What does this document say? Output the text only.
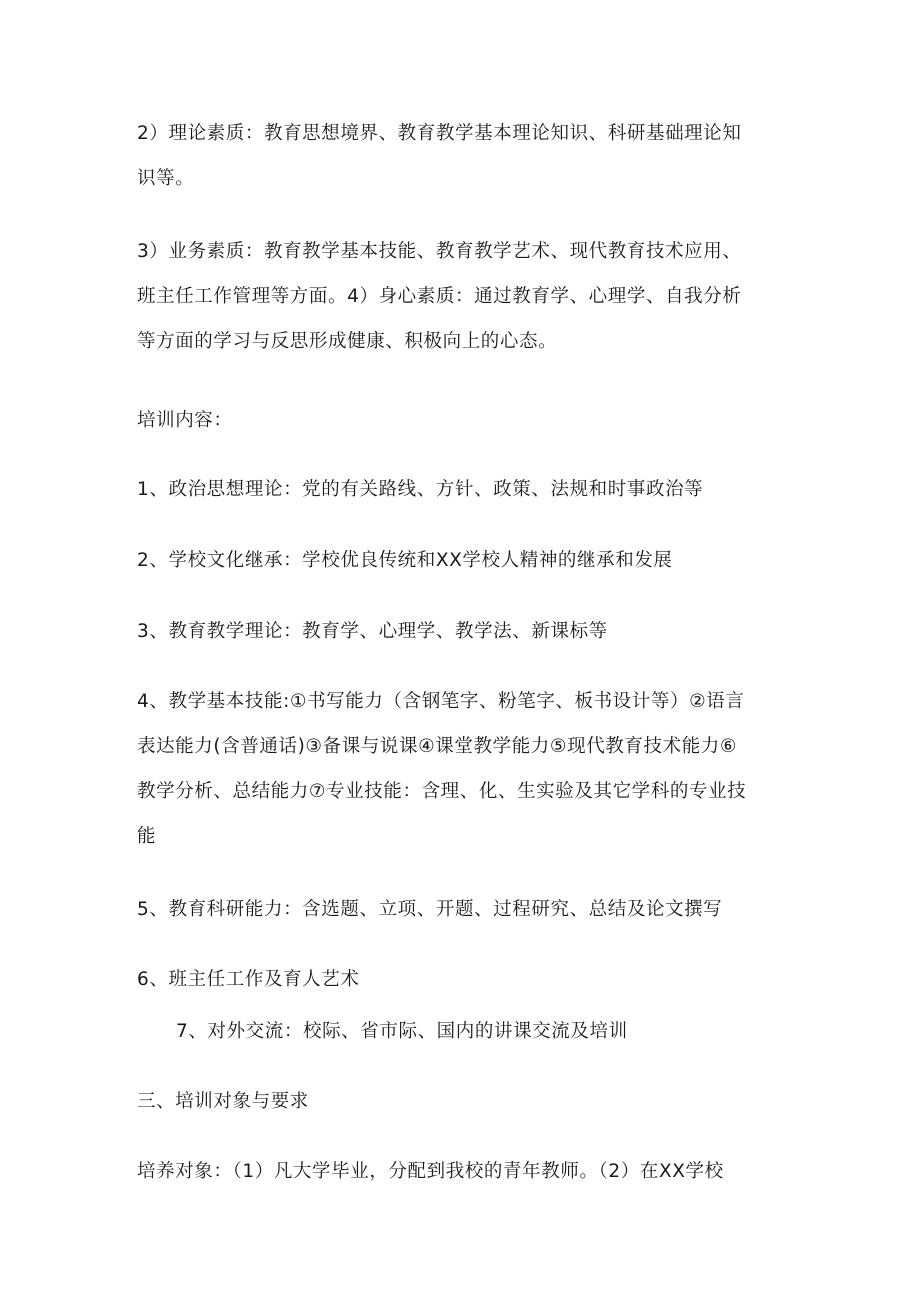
2）理论素质：教育思想境界、教育教学基本理论知识、科研基础理论知
识等。

3）业务素质：教育教学基本技能、教育教学艺术、现代教育技术应用、
班主任工作管理等方面。4）身心素质：通过教育学、心理学、自我分析
等方面的学习与反思形成健康、积极向上的心态。

培训内容：

1、政治思想理论：党的有关路线、方针、政策、法规和时事政治等

2、学校文化继承：学校优良传统和XX学校人精神的继承和发展

3、教育教学理论：教育学、心理学、教学法、新课标等

4、教学基本技能:①书写能力（含钢笔字、粉笔字、板书设计等）②语言
表达能力(含普通话)③备课与说课④课堂教学能力⑤现代教育技术能力⑥
教学分析、总结能力⑦专业技能：含理、化、生实验及其它学科的专业技
能

5、教育科研能力：含选题、立项、开题、过程研究、总结及论文撰写

6、班主任工作及育人艺术

7、对外交流：校际、省市际、国内的讲课交流及培训

三、培训对象与要求

培养对象：（1）凡大学毕业，分配到我校的青年教师。（2）在XX学校
